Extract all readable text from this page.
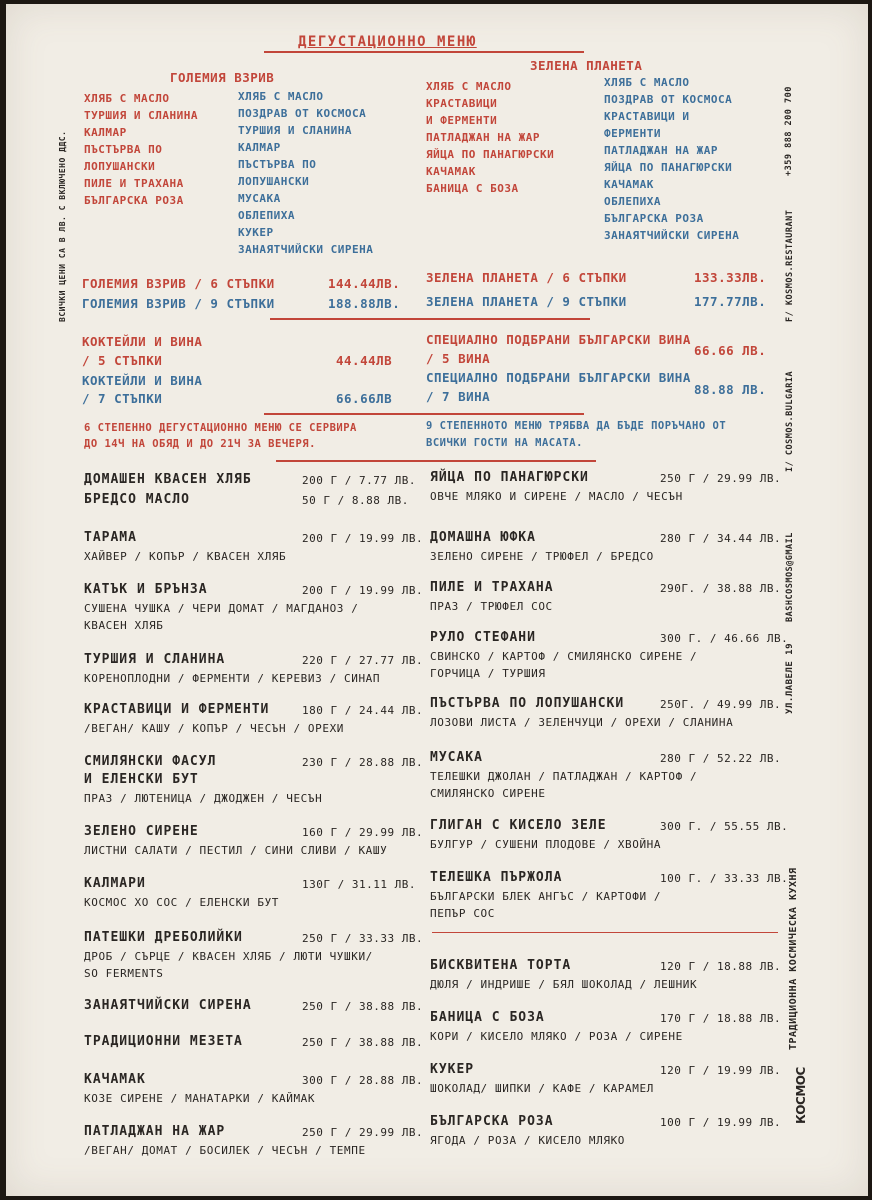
ДЕГУСТАЦИОННО МЕНЮ
ГОЛЕМИЯ ВЗРИВ
ХЛЯБ С МАСЛО
ТУРШИЯ И СЛАНИНА
КАЛМАР
ПЪСТЪРВА ПО
ЛОПУШАНСКИ
ПИЛЕ И ТРАХАНА
БЪЛГАРСКА РОЗА
ХЛЯБ С МАСЛО
ПОЗДРАВ ОТ КОСМОСА
ТУРШИЯ И СЛАНИНА
КАЛМАР
ПЪСТЪРВА ПО
ЛОПУШАНСКИ
МУСАКА
ОБЛЕПИХА
КУКЕР
ЗАНАЯТЧИЙСКИ СИРЕНА
ЗЕЛЕНА ПЛАНЕТА
ХЛЯБ С МАСЛО
КРАСТАВИЦИ
И ФЕРМЕНТИ
ПАТЛАДЖАН НА ЖАР
ЯЙЦА ПО ПАНАГЮРСКИ
КАЧАМАК
БАНИЦА С БОЗА
ХЛЯБ С МАСЛО
ПОЗДРАВ ОТ КОСМОСА
КРАСТАВИЦИ И
ФЕРМЕНТИ
ПАТЛАДЖАН НА ЖАР
ЯЙЦА ПО ПАНАГЮРСКИ
КАЧАМАК
ОБЛЕПИХА
БЪЛГАРСКА РОЗА
ЗАНАЯТЧИЙСКИ СИРЕНА
ГОЛЕМИЯ ВЗРИВ / 6 СТЪПКИ	144.44ЛВ.
ГОЛЕМИЯ ВЗРИВ / 9 СТЪПКИ	188.88ЛВ.
ЗЕЛЕНА ПЛАНЕТА / 6 СТЪПКИ	133.33ЛВ.
ЗЕЛЕНА ПЛАНЕТА / 9 СТЪПКИ	177.77ЛВ.
КОКТЕЙЛИ И ВИНА
/ 5 СТЪПКИ	44.44ЛВ
КОКТЕЙЛИ И ВИНА
/ 7 СТЪПКИ	66.66ЛВ
СПЕЦИАЛНО ПОДБРАНИ БЪЛГАРСКИ ВИНА
/ 5 ВИНА
66.66 ЛВ.
СПЕЦИАЛНО ПОДБРАНИ БЪЛГАРСКИ ВИНА
/ 7 ВИНА	88.88 ЛВ.
6 СТЕПЕННО ДЕГУСТАЦИОННО МЕНЮ СЕ СЕРВИРА
ДО 14Ч НА ОБЯД И ДО 21Ч ЗА ВЕЧЕРЯ.
9 СТЕПЕННОТО МЕНЮ ТРЯБВА ДА БЪДЕ ПОРЪЧАНО ОТ
ВСИЧКИ ГОСТИ НА МАСАТА.
ДОМАШЕН КВАСЕН ХЛЯБ	200 Г / 7.77 ЛВ.
БРЕДСО МАСЛО	50 Г / 8.88 ЛВ.
ТАРАМА	200 Г / 19.99 ЛВ.
ХАЙВЕР / КОПЪР / КВАСЕН ХЛЯБ
КАТЪК И БРЪНЗА	200 Г / 19.99 ЛВ.
СУШЕНА ЧУШКА / ЧЕРИ ДОМАТ / МАГДАНОЗ /
КВАСЕН ХЛЯБ
ТУРШИЯ И СЛАНИНА	220 Г / 27.77 ЛВ.
КОРЕНОПЛОДНИ / ФЕРМЕНТИ / КЕРЕВИЗ / СИНАП
КРАСТАВИЦИ И ФЕРМЕНТИ	180 Г / 24.44 ЛВ.
/ВЕГАН/ КАШУ / КОПЪР / ЧЕСЪН / ОРЕХИ
СМИЛЯНСКИ ФАСУЛ	230 Г / 28.88 ЛВ.
И ЕЛЕНСКИ БУТ
ПРАЗ / ЛЮТЕНИЦА / ДЖОДЖЕН / ЧЕСЪН
ЗЕЛЕНО СИРЕНЕ	160 Г / 29.99 ЛВ.
ЛИСТНИ САЛАТИ / ПЕСТИЛ / СИНИ СЛИВИ / КАШУ
КАЛМАРИ	130Г / 31.11 ЛВ.
КОСМОС ХО СОС / ЕЛЕНСКИ БУТ
ПАТЕШКИ ДРЕБОЛИЙКИ	250 Г / 33.33 ЛВ.
ДРОБ / СЪРЦЕ / КВАСЕН ХЛЯБ / ЛЮТИ ЧУШКИ/
SO FERMENTS
ЗАНАЯТЧИЙСКИ СИРЕНА	250 Г / 38.88 ЛВ.
ТРАДИЦИОННИ МЕЗЕТА	250 Г / 38.88 ЛВ.
КАЧАМАК	300 Г / 28.88 ЛВ.
КОЗЕ СИРЕНЕ / МАНАТАРКИ / КАЙМАК
ПАТЛАДЖАН НА ЖАР	250 Г / 29.99 ЛВ.
/ВЕГАН/ ДОМАТ / БОСИЛЕК / ЧЕСЪН / ТЕМПЕ
ЯЙЦА ПО ПАНАГЮРСКИ	250 Г / 29.99 ЛВ.
ОВЧЕ МЛЯКО И СИРЕНЕ / МАСЛО / ЧЕСЪН
ДОМАШНА ЮФКА	280 Г / 34.44 ЛВ.
ЗЕЛЕНО СИРЕНЕ / ТРЮФЕЛ / БРЕДСО
ПИЛЕ И ТРАХАНА	290Г. / 38.88 ЛВ.
ПРАЗ / ТРЮФЕЛ СОС
РУЛО СТЕФАНИ	300 Г. / 46.66 ЛВ.
СВИНСКО / КАРТОФ / СМИЛЯНСКО СИРЕНЕ /
ГОРЧИЦА / ТУРШИЯ
ПЪСТЪРВА ПО ЛОПУШАНСКИ	250Г. / 49.99 ЛВ.
ЛОЗОВИ ЛИСТА / ЗЕЛЕНЧУЦИ / ОРЕХИ / СЛАНИНА
МУСАКА	280 Г / 52.22 ЛВ.
ТЕЛЕШКИ ДЖОЛАН / ПАТЛАДЖАН / КАРТОФ /
СМИЛЯНСКО СИРЕНЕ
ГЛИГАН С КИСЕЛО ЗЕЛЕ	300 Г. / 55.55 ЛВ.
БУЛГУР / СУШЕНИ ПЛОДОВЕ / ХВОЙНА
ТЕЛЕШКА ПЪРЖОЛА	100 Г. / 33.33 ЛВ.
БЪЛГАРСКИ БЛЕК АНГЪС / КАРТОФИ /
ПЕПЪР СОС
БИСКВИТЕНА ТОРТА	120 Г / 18.88 ЛВ.
ДЮЛЯ / ИНДРИШЕ / БЯЛ ШОКОЛАД / ЛЕШНИК
БАНИЦА С БОЗА	170 Г / 18.88 ЛВ.
КОРИ / КИСЕЛО МЛЯКО / РОЗА / СИРЕНЕ
КУКЕР	120 Г / 19.99 ЛВ.
ШОКОЛАД/ ШИПКИ / КАФЕ / КАРАМЕЛ
БЪЛГАРСКА РОЗА	100 Г / 19.99 ЛВ.
ЯГОДА / РОЗА / КИСЕЛО МЛЯКО
ВСИЧКИ ЦЕНИ СА В ЛВ. С ВКЛЮЧЕНО ДДС.	+359 888 200 700
F/ KOSMOS.RESTAURANT
I/ COSMOS.BULGARIA
BASHCOSMOS@GMAIL
УЛ.ЛАВЕЛЕ 19
ТРАДИЦИОННА КОСМИЧЕСКА КУХНЯ
КОСМОС
